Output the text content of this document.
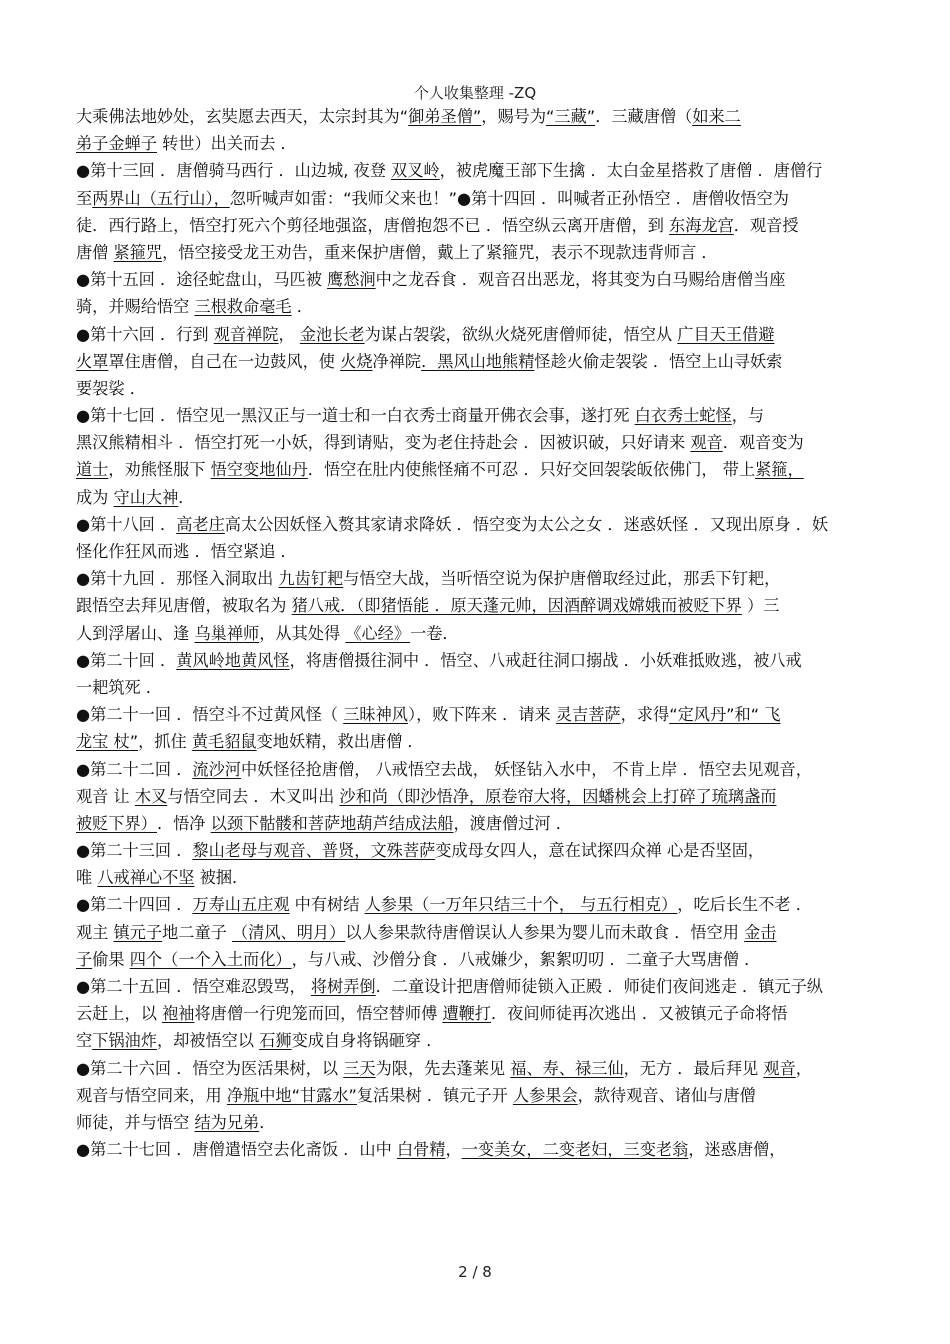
个人收集整理 -ZQ
大乘佛法地妙处，玄奘愿去西天，太宗封其为“御弟圣僧”，赐号为“三藏”．三藏唐僧（如来二
弟子金蝉子 转世）出关而去 ．
●第十三回 ．唐僧骑马西行 ．山边城, 夜登 双叉岭，被虎魔王部下生擒 ．太白金星搭救了唐僧 ．唐僧行
至两界山（五行山），忽听喊声如雷：“我师父来也！”●第十四回 ．叫喊者正孙悟空 ．唐僧收悟空为
徒．西行路上，悟空打死六个剪径地强盗，唐僧抱怨不已 ．悟空纵云离开唐僧，到 东海龙宫．观音授
唐僧 紧箍咒，悟空接受龙王劝告，重来保护唐僧，戴上了紧箍咒，表示不现款违背师言 ．
●第十五回 ．途径蛇盘山，马匹被 鹰愁涧中之龙吞食 ．观音召出恶龙，将其变为白马赐给唐僧当座
骑，并赐给悟空 三根救命毫毛 ．
●第十六回 ．行到 观音禅院， 金池长老为谋占袈裟，欲纵火烧死唐僧师徒，悟空从 广目天王借避
火罩罩住唐僧，自己在一边鼓风，使 火烧净禅院．黑风山地熊精怪趁火偷走袈裟 ．悟空上山寻妖索
要袈裟 ．
●第十七回 ．悟空见一黑汉正与一道士和一白衣秀士商量开佛衣会事，遂打死 白衣秀士蛇怪，与
黑汉熊精相斗 ．悟空打死一小妖，得到请贴，变为老住持赴会 ．因被识破，只好请来 观音．观音变为
道士，劝熊怪服下 悟空变地仙丹．悟空在肚内使熊怪痛不可忍 ．只好交回袈裟皈依佛门， 带上紧箍，
成为 守山大神．
●第十八回 ．高老庄高太公因妖怪入赘其家请求降妖 ．悟空变为太公之女 ．迷惑妖怪 ．又现出原身 ．妖
怪化作狂风而逃 ．悟空紧追 ．
●第十九回 ．那怪入洞取出 九齿钉耙与悟空大战，当听悟空说为保护唐僧取经过此，那丢下钉耙，
跟悟空去拜见唐僧，被取名为 猪八戒．（即猪悟能 ．原天蓬元帅，因酒醉调戏嫦娥而被贬下界 ）三
人到浮屠山、逢 乌巢禅师，从其处得 《心经》一卷．
●第二十回 ．黄风岭地黄风怪，将唐僧摄往洞中 ．悟空、八戒赶往洞口搦战 ．小妖难抵败逃，被八戒
一耙筑死 ．
●第二十一回 ．悟空斗不过黄风怪（ 三昧神风），败下阵来 ．请来 灵吉菩萨，求得“定风丹”和“ 飞
龙宝 杖”，抓住 黄毛貂鼠变地妖精，救出唐僧 ．
●第二十二回 ．流沙河中妖怪径抢唐僧， 八戒悟空去战， 妖怪钻入水中， 不肯上岸 ．悟空去见观音，
观音 让 木叉与悟空同去 ．木叉叫出 沙和尚（即沙悟净，原卷帘大将，因蟠桃会上打碎了琉璃盏而
被贬下界）．悟净 以颈下骷髅和菩萨地葫芦结成法船，渡唐僧过河 ．
●第二十三回 ．黎山老母与观音、普贤，文殊菩萨变成母女四人，意在试探四众禅 心是否坚固，
唯 八戒禅心不坚 被捆．
●第二十四回 ．万寿山五庄观 中有树结 人参果（一万年只结三十个， 与五行相克），吃后长生不老 ．
观主 镇元子地二童子 （清风、明月）以人参果款待唐僧误认人参果为婴儿而未敢食 ．悟空用 金击
子偷果 四个（一个入土而化），与八戒、沙僧分食 ．八戒嫌少，絮絮叨叨 ．二童子大骂唐僧 ．
●第二十五回 ．悟空难忍毁骂， 将树弄倒．二童设计把唐僧师徒锁入正殿 ．师徒们夜间逃走 ．镇元子纵
云赶上，以 袍袖将唐僧一行兜笼而回，悟空替师傅 遭鞭打．夜间师徒再次逃出 ．又被镇元子命将悟
空下锅油炸，却被悟空以 石狮变成自身将锅砸穿 ．
●第二十六回 ．悟空为医活果树，以 三天为限，先去蓬莱见 福、寿、禄三仙，无方 ．最后拜见 观音，
观音与悟空同来，用 净瓶中地“甘露水”复活果树 ．镇元子开 人参果会，款待观音、诸仙与唐僧
师徒，并与悟空 结为兄弟．
●第二十七回 ．唐僧遣悟空去化斋饭 ．山中 白骨精，一变美女，二变老妇，三变老翁，迷惑唐僧，
2 / 8
